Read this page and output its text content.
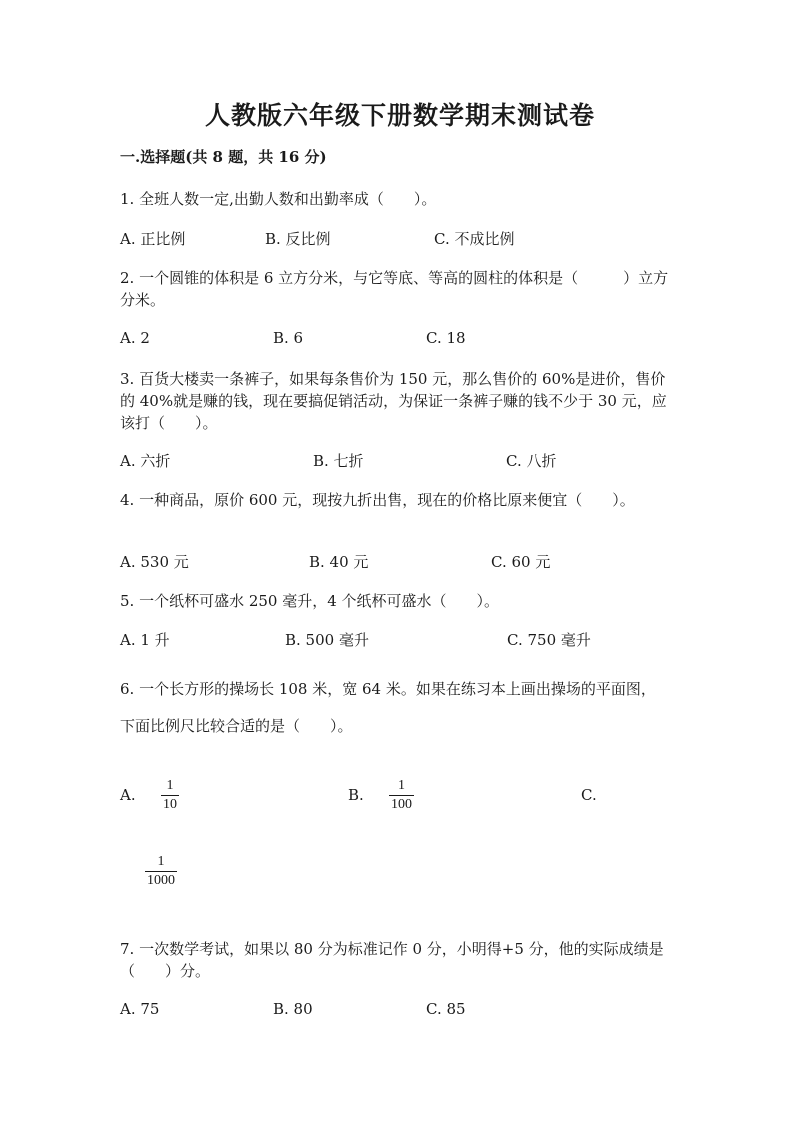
人教版六年级下册数学期末测试卷
一.选择题(共 8 题，共 16 分)
1. 全班人数一定,出勤人数和出勤率成（　　）。
A. 正比例	B. 反比例	C. 不成比例
2. 一个圆锥的体积是 6 立方分米，与它等底、等高的圆柱的体积是（　　　）立方分米。
A. 2	B. 6	C. 18
3. 百货大楼卖一条裤子，如果每条售价为 150 元，那么售价的 60%是进价，售价的 40%就是赚的钱，现在要搞促销活动，为保证一条裤子赚的钱不少于 30 元，应该打（　　）。
A. 六折	B. 七折	C. 八折
4. 一种商品，原价 600 元，现按九折出售，现在的价格比原来便宜（　　）。
A. 530 元	B. 40 元	C. 60 元
5. 一个纸杯可盛水 250 毫升，4 个纸杯可盛水（　　）。
A. 1 升	B. 500 毫升	C. 750 毫升
6. 一个长方形的操场长 108 米，宽 64 米。如果在练习本上画出操场的平面图，
下面比例尺比较合适的是（　　）。
A.
1
10
B.
1
100
C.
1
1000
7. 一次数学考试，如果以 80 分为标准记作 0 分，小明得+5 分，他的实际成绩是（　　）分。
A. 75	B. 80	C. 85
